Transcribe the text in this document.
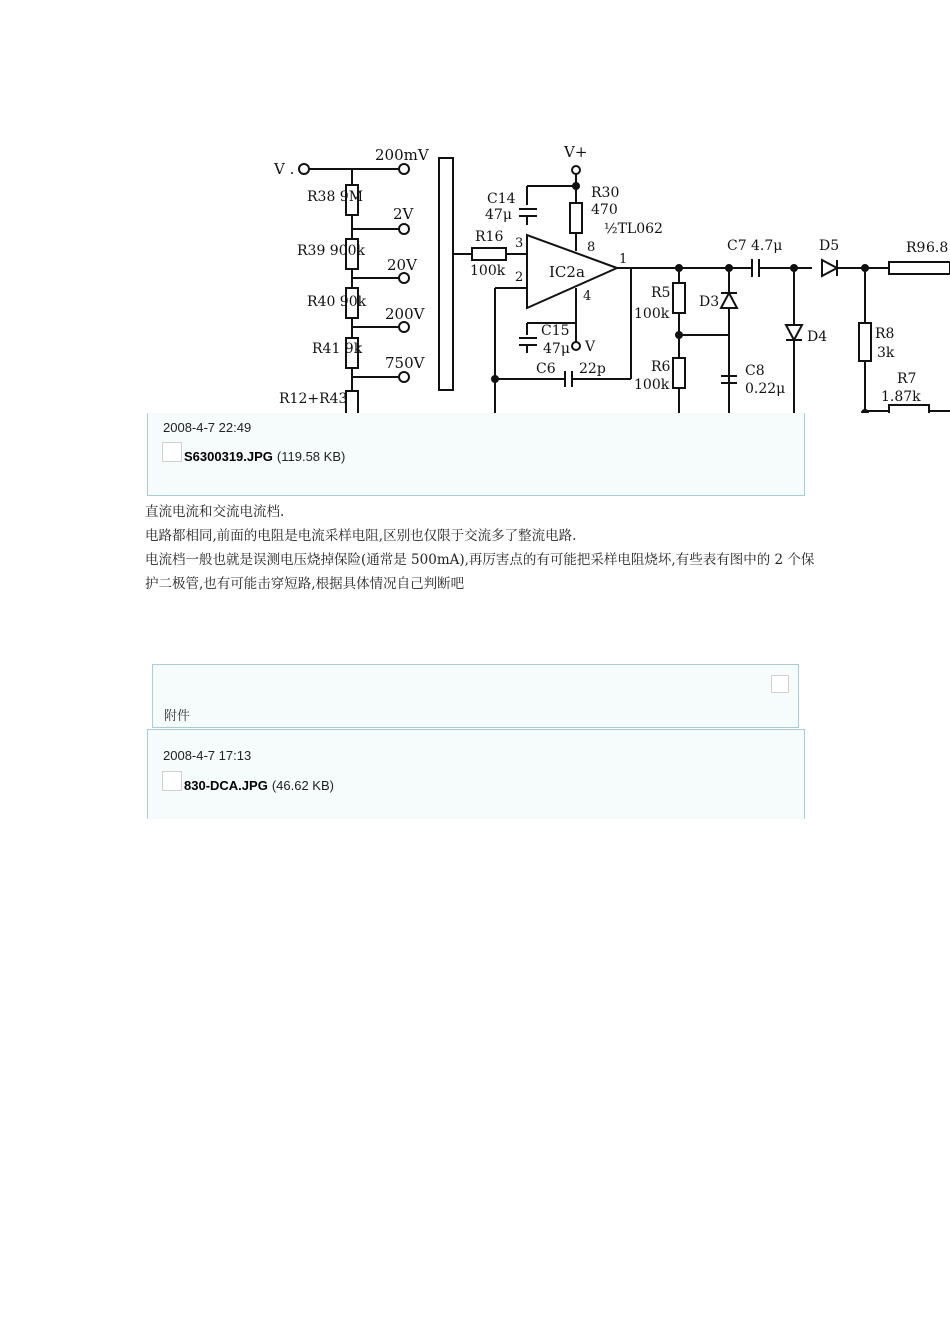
V .
200mV
2V
20V
200V
750V
R38 9M
R39 900k
R40 90k
R41 9k
R12+R43
V+
C14
47μ
R30
470
½TL062
R16
100k
3
2
8
1
4
IC2a
C15
47μ V
C6 22p
R5
100k
R6
100k
D3
C7 4.7μ
C8
0.22μ
D5
D4	R8
3k
R7
1.87k
R9 6.8
2008-4-7 22:49
S6300319.JPG (119.58 KB)

直流电流和交流电流档.

电路都相同,前面的电阻是电流采样电阻,区别也仅限于交流多了整流电路.

电流档一般也就是误测电压烧掉保险(通常是 500mA),再厉害点的有可能把采样电阻烧坏,有些表有图中的 2 个保护二极管,也有可能击穿短路,根据具体情况自己判断吧

附件
2008-4-7 17:13
830-DCA.JPG (46.62 KB)
